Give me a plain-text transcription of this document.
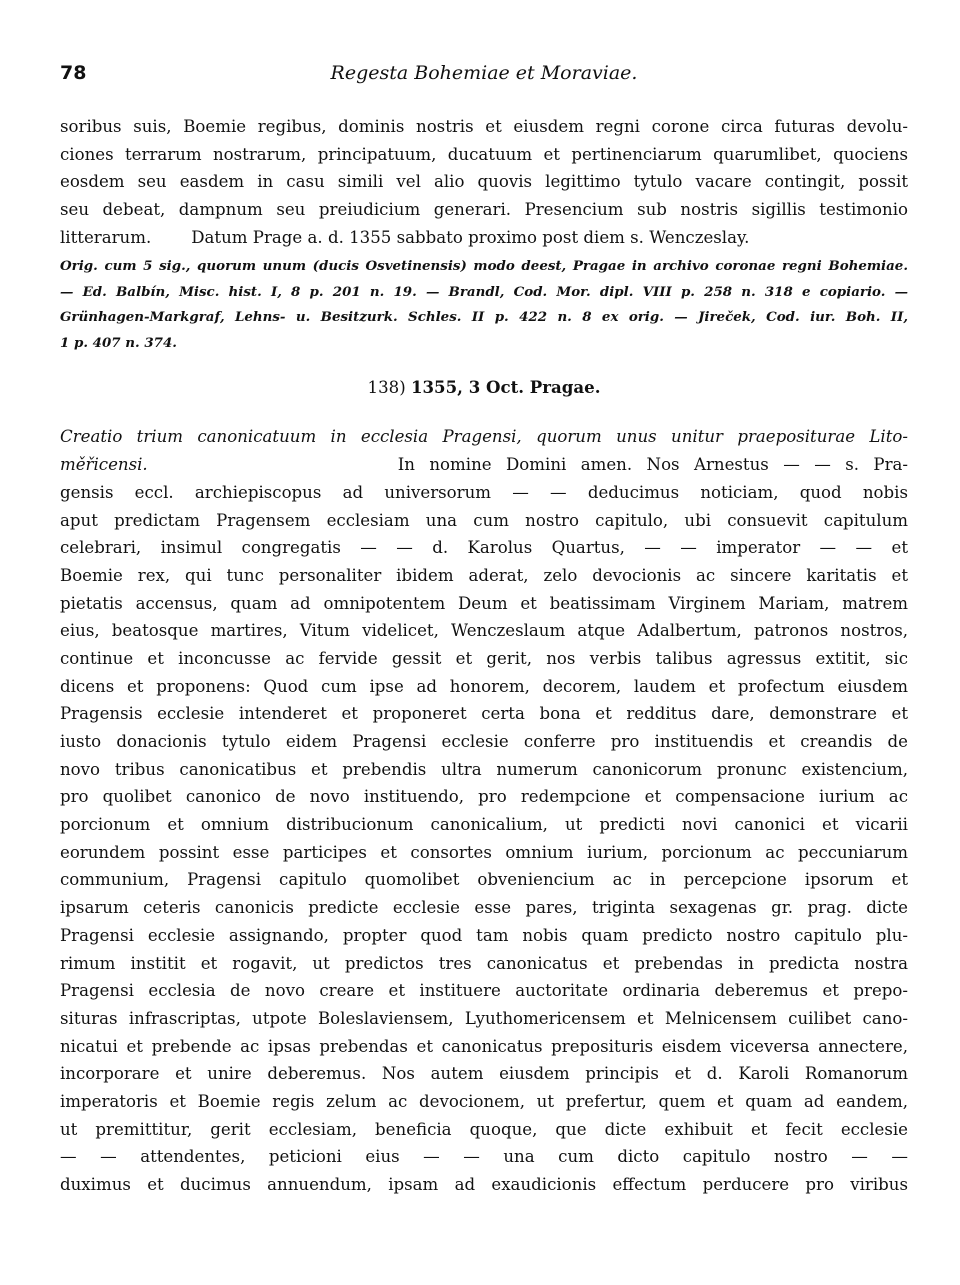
78	Regesta Bohemiae et Moraviae.
soribus suis, Boemie regibus, dominis nostris et eiusdem regni corone circa futuras devolu-
ciones terrarum nostrarum, principatuum, ducatuum et pertinenciarum quarumlibet, quociens
eosdem seu easdem in casu simili vel alio quovis legittimo tytulo vacare contingit, possit
seu debeat, dampnum seu preiudicium generari. Presencium sub nostris sigillis testimonio
litterarum. Datum Prage a. d. 1355 sabbato proximo post diem s. Wenczeslay.
Orig. cum 5 sig., quorum unum (ducis Osvetinensis) modo deest, Pragae in archivo coronae regni Bohemiae.
— Ed. Balbín, Misc. hist. I, 8 p. 201 n. 19. — Brandl, Cod. Mor. dipl. VIII p. 258 n. 318 e copiario. —
Grünhagen-Markgraf, Lehns- u. Besitzurk. Schles. II p. 422 n. 8 ex orig. — Jireček, Cod. iur. Boh. II,
1 p. 407 n. 374.
138) 1355, 3 Oct. Pragae.
Creatio trium canonicatuum in ecclesia Pragensi, quorum unus unitur praepositurae Lito-
měřicensi.	In nomine Domini amen. Nos Arnestus — — s. Pra-
gensis eccl. archiepiscopus ad universorum — — deducimus noticiam, quod nobis
aput predictam Pragensem ecclesiam una cum nostro capitulo, ubi consuevit capitulum
celebrari, insimul congregatis — — d. Karolus Quartus, — — imperator — — et
Boemie rex, qui tunc personaliter ibidem aderat, zelo devocionis ac sincere karitatis et
pietatis accensus, quam ad omnipotentem Deum et beatissimam Virginem Mariam, matrem
eius, beatosque martires, Vitum videlicet, Wenczeslaum atque Adalbertum, patronos nostros,
continue et inconcusse ac fervide gessit et gerit, nos verbis talibus agressus extitit, sic
dicens et proponens: Quod cum ipse ad honorem, decorem, laudem et profectum eiusdem
Pragensis ecclesie intenderet et proponeret certa bona et redditus dare, demonstrare et
iusto donacionis tytulo eidem Pragensi ecclesie conferre pro instituendis et creandis de
novo tribus canonicatibus et prebendis ultra numerum canonicorum pronunc existencium,
pro quolibet canonico de novo instituendo, pro redempcione et compensacione iurium ac
porcionum et omnium distribucionum canonicalium, ut predicti novi canonici et vicarii
eorundem possint esse participes et consortes omnium iurium, porcionum ac peccuniarum
communium, Pragensi capitulo quomolibet obveniencium ac in percepcione ipsorum et
ipsarum ceteris canonicis predicte ecclesie esse pares, triginta sexagenas gr. prag. dicte
Pragensi ecclesie assignando, propter quod tam nobis quam predicto nostro capitulo plu-
rimum institit et rogavit, ut predictos tres canonicatus et prebendas in predicta nostra
Pragensi ecclesia de novo creare et instituere auctoritate ordinaria deberemus et prepo-
situras infrascriptas, utpote Boleslaviensem, Lyuthomericensem et Melnicensem cuilibet cano-
nicatui et prebende ac ipsas prebendas et canonicatus prepositurіs eisdem viceversa annectere,
incorporare et unire deberemus. Nos autem eiusdem principis et d. Karoli Romanorum
imperatoris et Boemie regis zelum ac devocionem, ut prefertur, quem et quam ad eandem,
ut premittitur, gerit ecclesiam, beneficia quoque, que dicte exhibuit et fecit ecclesie
— — attendentes, peticioni eius — — una cum dicto capitulo nostro — —
duximus et ducimus annuendum, ipsam ad exaudicionis effectum perducere pro viribus
